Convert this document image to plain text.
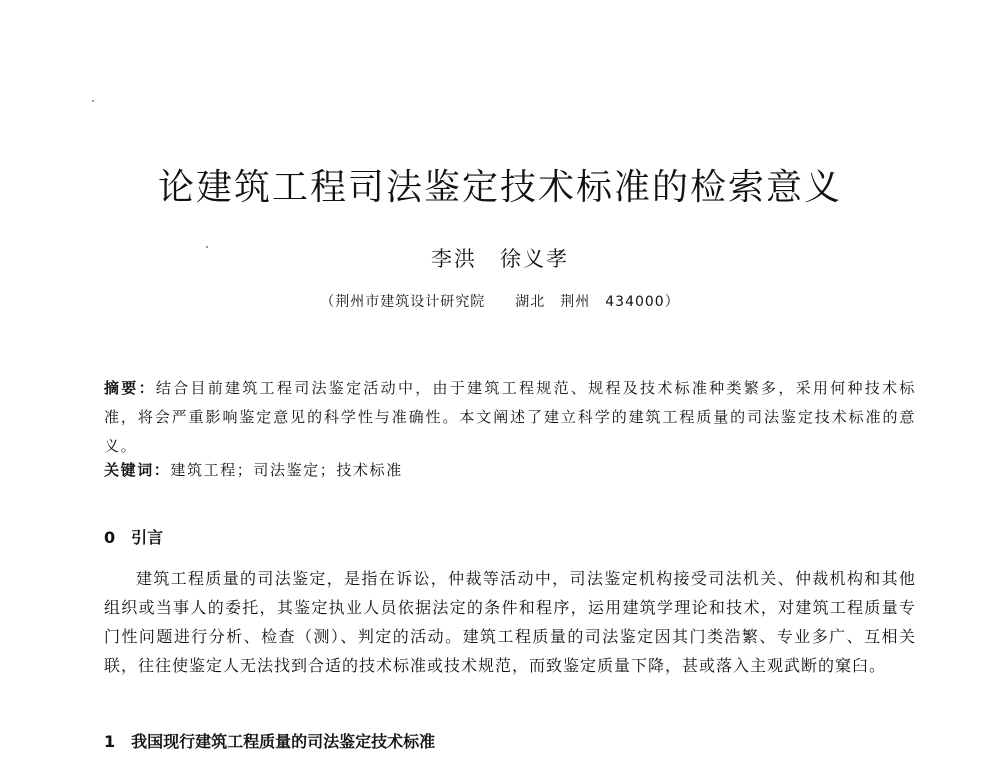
论建筑工程司法鉴定技术标准的检索意义
李洪　徐义孝
（荆州市建筑设计研究院　　湖北　荆州　434000）

摘要：结合目前建筑工程司法鉴定活动中，由于建筑工程规范、规程及技术标准种类繁多，采用何种技术标准，将会严重影响鉴定意见的科学性与准确性。本文阐述了建立科学的建筑工程质量的司法鉴定技术标准的意义。

关键词：建筑工程；司法鉴定；技术标准
0 引言

建筑工程质量的司法鉴定，是指在诉讼，仲裁等活动中，司法鉴定机构接受司法机关、仲裁机构和其他组织或当事人的委托，其鉴定执业人员依据法定的条件和程序，运用建筑学理论和技术，对建筑工程质量专门性问题进行分析、检查（测）、判定的活动。建筑工程质量的司法鉴定因其门类浩繁、专业多广、互相关联，往往使鉴定人无法找到合适的技术标准或技术规范，而致鉴定质量下降，甚或落入主观武断的窠臼。

1 我国现行建筑工程质量的司法鉴定技术标准
